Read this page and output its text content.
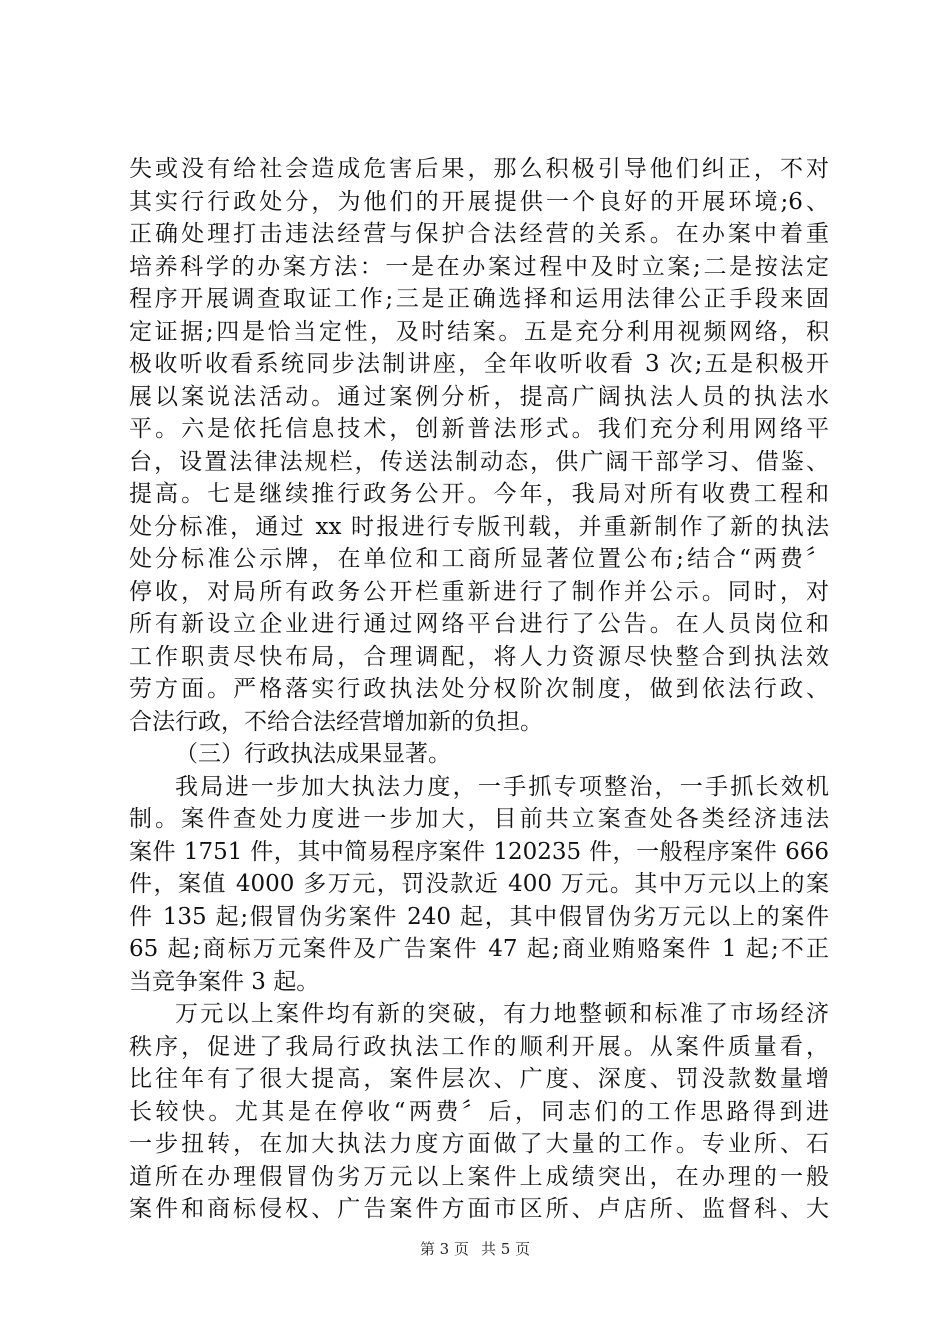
失或没有给社会造成危害后果，那么积极引导他们纠正，不对
其实行行政处分，为他们的开展提供一个良好的开展环境;6、
正确处理打击违法经营与保护合法经营的关系。在办案中着重
培养科学的办案方法：一是在办案过程中及时立案;二是按法定
程序开展调查取证工作;三是正确选择和运用法律公正手段来固
定证据;四是恰当定性，及时结案。五是充分利用视频网络，积
极收听收看系统同步法制讲座，全年收听收看 3 次;五是积极开
展以案说法活动。通过案例分析，提高广阔执法人员的执法水
平。六是依托信息技术，创新普法形式。我们充分利用网络平
台，设置法律法规栏，传送法制动态，供广阔干部学习、借鉴、
提高。七是继续推行政务公开。今年，我局对所有收费工程和
处分标准，通过 xx 时报进行专版刊载，并重新制作了新的执法
处分标准公示牌，在单位和工商所显著位置公布;结合“两费〞
停收，对局所有政务公开栏重新进行了制作并公示。同时，对
所有新设立企业进行通过网络平台进行了公告。在人员岗位和
工作职责尽快布局，合理调配，将人力资源尽快整合到执法效
劳方面。严格落实行政执法处分权阶次制度，做到依法行政、
合法行政，不给合法经营增加新的负担。
（三）行政执法成果显著。
我局进一步加大执法力度，一手抓专项整治，一手抓长效机
制。案件查处力度进一步加大，目前共立案查处各类经济违法
案件 1751 件，其中简易程序案件 120235 件，一般程序案件 666
件，案值 4000 多万元，罚没款近 400 万元。其中万元以上的案
件 135 起;假冒伪劣案件 240 起，其中假冒伪劣万元以上的案件
65 起;商标万元案件及广告案件 47 起;商业贿赂案件 1 起;不正
当竞争案件 3 起。
万元以上案件均有新的突破，有力地整顿和标准了市场经济
秩序，促进了我局行政执法工作的顺利开展。从案件质量看，
比往年有了很大提高，案件层次、广度、深度、罚没款数量增
长较快。尤其是在停收“两费〞后，同志们的工作思路得到进
一步扭转，在加大执法力度方面做了大量的工作。专业所、石
道所在办理假冒伪劣万元以上案件上成绩突出，在办理的一般
案件和商标侵权、广告案件方面市区所、卢店所、监督科、大
第 3 页 共 5 页
